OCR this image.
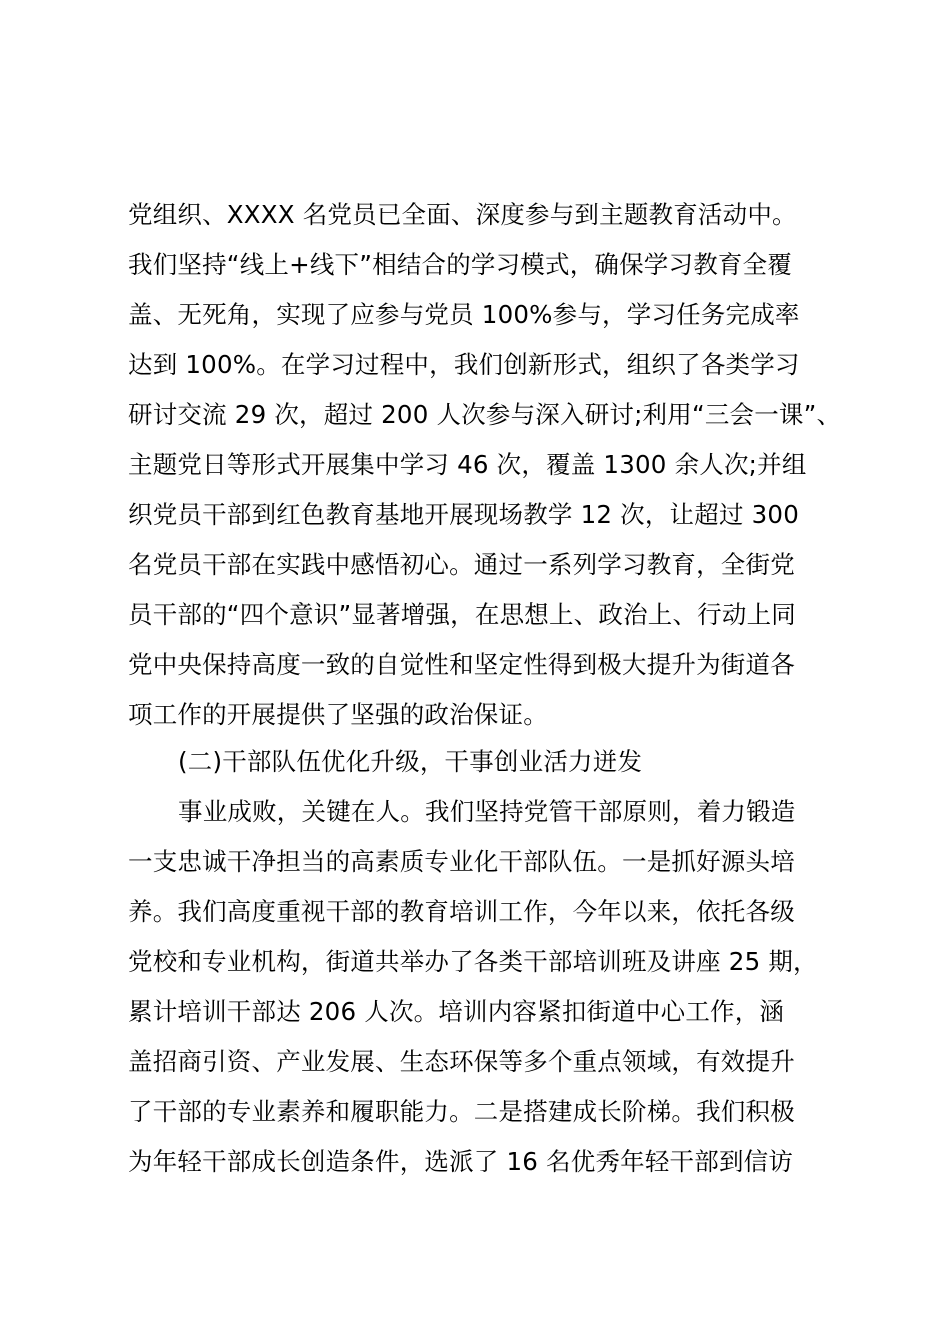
党组织、XXXX 名党员已全面、深度参与到主题教育活动中。
我们坚持“线上+线下”相结合的学习模式，确保学习教育全覆
盖、无死角，实现了应参与党员 100%参与，学习任务完成率
达到 100%。在学习过程中，我们创新形式，组织了各类学习
研讨交流 29 次，超过 200 人次参与深入研讨;利用“三会一课”、
主题党日等形式开展集中学习 46 次，覆盖 1300 余人次;并组
织党员干部到红色教育基地开展现场教学 12 次，让超过 300
名党员干部在实践中感悟初心。通过一系列学习教育，全街党
员干部的“四个意识”显著增强，在思想上、政治上、行动上同
党中央保持高度一致的自觉性和坚定性得到极大提升为街道各
项工作的开展提供了坚强的政治保证。
(二)干部队伍优化升级，干事创业活力迸发
事业成败，关键在人。我们坚持党管干部原则，着力锻造
一支忠诚干净担当的高素质专业化干部队伍。一是抓好源头培
养。我们高度重视干部的教育培训工作，今年以来，依托各级
党校和专业机构，街道共举办了各类干部培训班及讲座 25 期，
累计培训干部达 206 人次。培训内容紧扣街道中心工作，涵
盖招商引资、产业发展、生态环保等多个重点领域，有效提升
了干部的专业素养和履职能力。二是搭建成长阶梯。我们积极
为年轻干部成长创造条件，选派了 16 名优秀年轻干部到信访
